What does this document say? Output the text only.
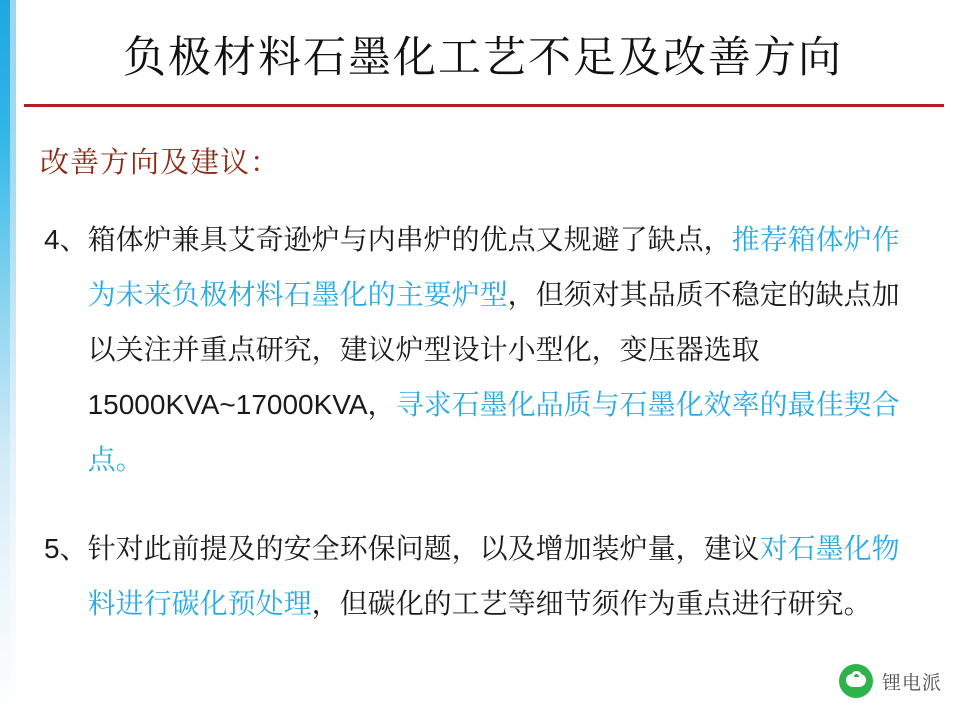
负极材料石墨化工艺不足及改善方向
改善方向及建议：
4、 箱体炉兼具艾奇逊炉与内串炉的优点又规避了缺点，推荐箱体炉作为未来负极材料石墨化的主要炉型，但须对其品质不稳定的缺点加以关注并重点研究，建议炉型设计小型化，变压器选取15000KVA~17000KVA，寻求石墨化品质与石墨化效率的最佳契合点。
5、 针对此前提及的安全环保问题，以及增加装炉量，建议对石墨化物料进行碳化预处理，但碳化的工艺等细节须作为重点进行研究。
锂电派
